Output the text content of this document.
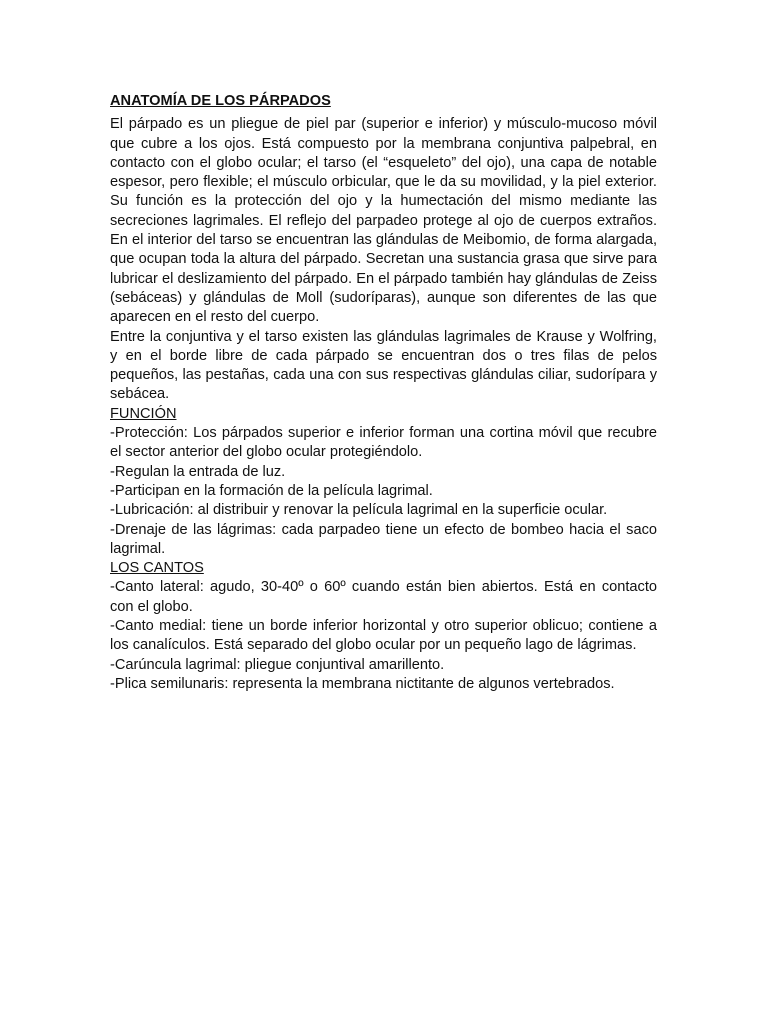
ANATOMÍA DE LOS PÁRPADOS

El párpado es un pliegue de piel par (superior e inferior) y músculo-mucoso móvil que cubre a los ojos. Está compuesto por la membrana conjuntiva palpebral, en contacto con el globo ocular; el tarso (el “esqueleto” del ojo), una capa de notable espesor, pero flexible; el músculo orbicular, que le da su movilidad, y la piel exterior. Su función es la protección del ojo y la humectación del mismo mediante las secreciones lagrimales. El reflejo del parpadeo protege al ojo de cuerpos extraños. En el interior del tarso se encuentran las glándulas de Meibomio, de forma alargada, que ocupan toda la altura del párpado. Secretan una sustancia grasa que sirve para lubricar el deslizamiento del párpado. En el párpado también hay glándulas de Zeiss (sebáceas) y glándulas de Moll (sudoríparas), aunque son diferentes de las que aparecen en el resto del cuerpo.

Entre la conjuntiva y el tarso existen las glándulas lagrimales de Krause y Wolfring, y en el borde libre de cada párpado se encuentran dos o tres filas de pelos pequeños, las pestañas, cada una con sus respectivas glándulas ciliar, sudorípara y sebácea.

FUNCIÓN

-Protección: Los párpados superior e inferior forman una cortina móvil que recubre el sector anterior del globo ocular protegiéndolo.

-Regulan la entrada de luz.

-Participan en la formación de la película lagrimal.

-Lubricación: al distribuir y renovar la película lagrimal en la superficie ocular.

-Drenaje de las lágrimas: cada parpadeo tiene un efecto de bombeo hacia el saco lagrimal.

LOS CANTOS

-Canto lateral: agudo, 30-40º o 60º cuando están bien abiertos. Está en contacto con el globo.

-Canto medial: tiene un borde inferior horizontal y otro superior oblicuo; contiene a los canalículos. Está separado del globo ocular por un pequeño lago de lágrimas.

-Carúncula lagrimal: pliegue conjuntival amarillento.

-Plica semilunaris: representa la membrana nictitante de algunos vertebrados.
